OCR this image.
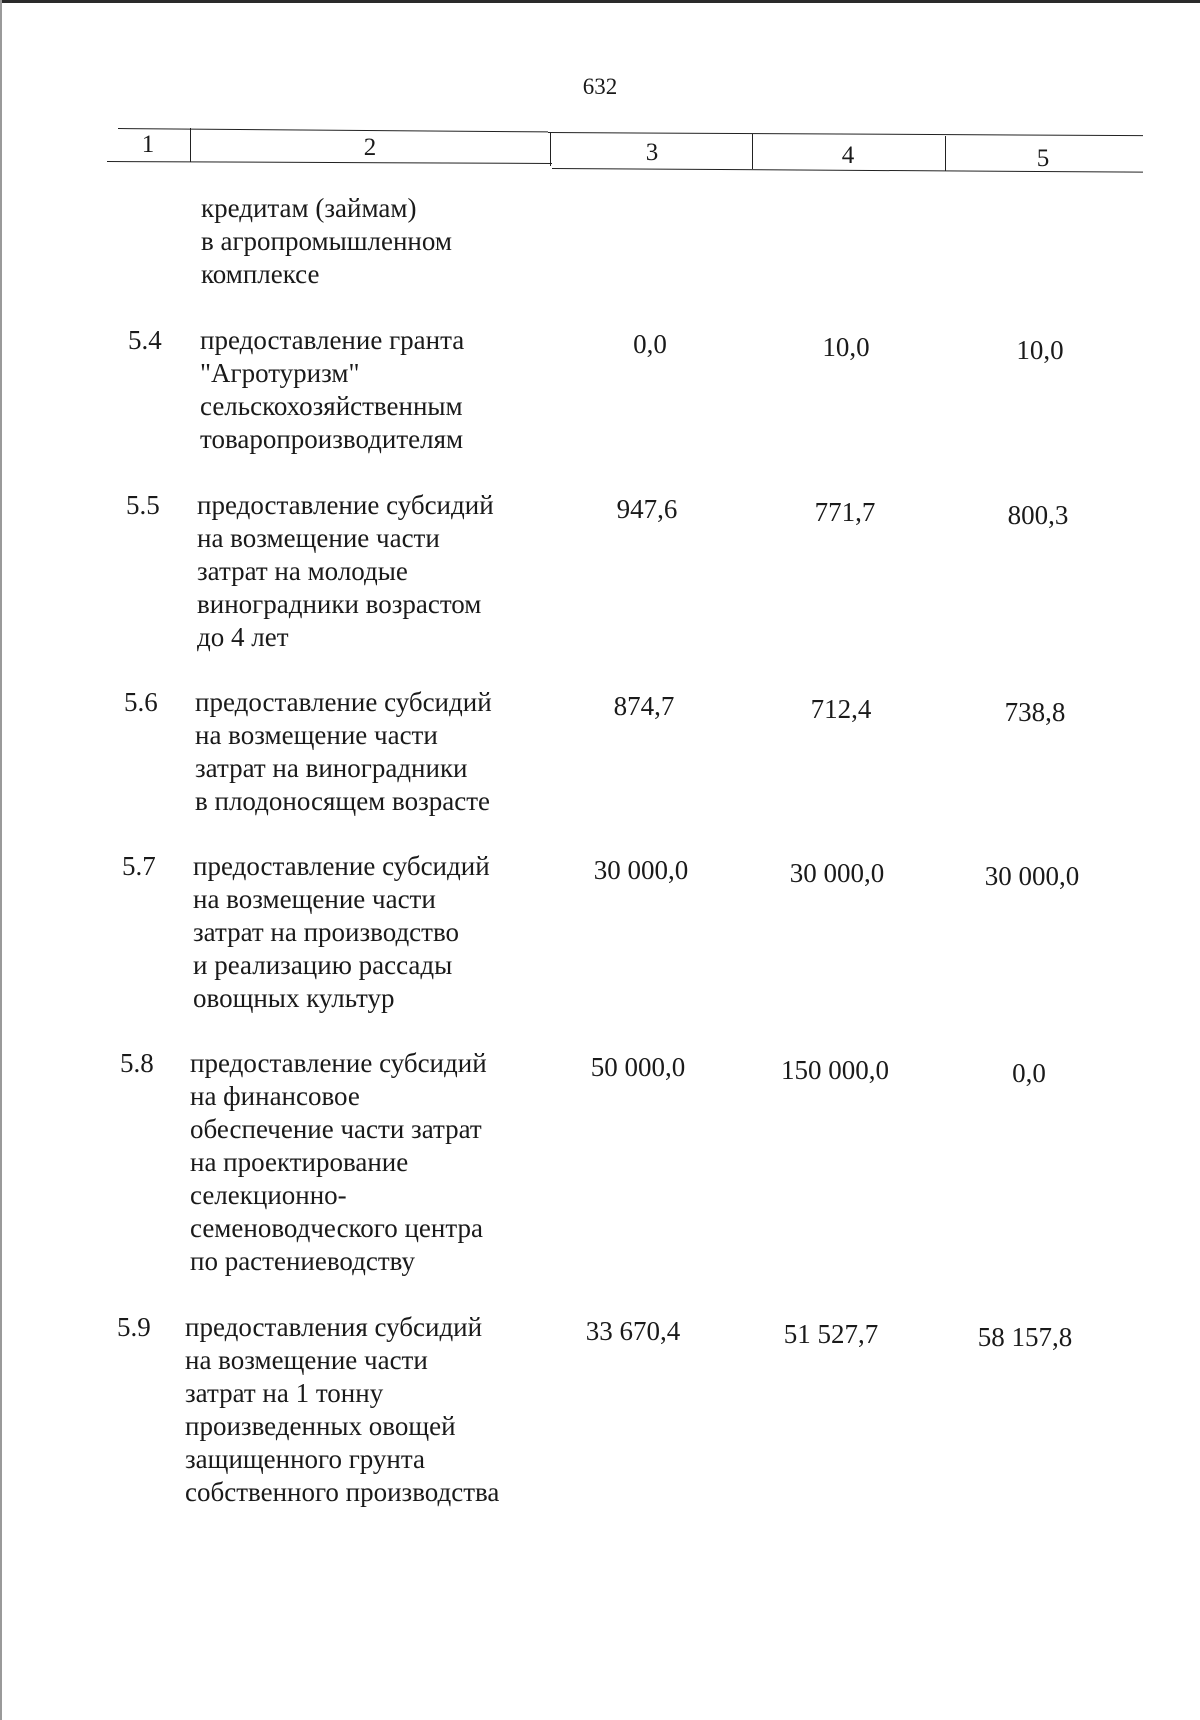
632
1	2	3	4	5
кредитам (займам)
в агропромышленном
комплексе
5.4	предоставление гранта
"Агротуризм"
сельскохозяйственным
товаропроизводителям
0,0	10,0	10,0
5.5	предоставление субсидий
на возмещение части
затрат на молодые
виноградники возрастом
до 4 лет
947,6	771,7	800,3
5.6	предоставление субсидий
на возмещение части
затрат на виноградники
в плодоносящем возрасте
874,7	712,4	738,8
5.7	предоставление субсидий
на возмещение части
затрат на производство
и реализацию рассады
овощных культур
30 000,0	30 000,0	30 000,0
5.8	предоставление субсидий
на финансовое
обеспечение части затрат
на проектирование
селекционно-
семеноводческого центра
по растениеводству
50 000,0	150 000,0	0,0
5.9	предоставления субсидий
на возмещение части
затрат на 1 тонну
произведенных овощей
защищенного грунта
собственного производства
33 670,4	51 527,7	58 157,8
